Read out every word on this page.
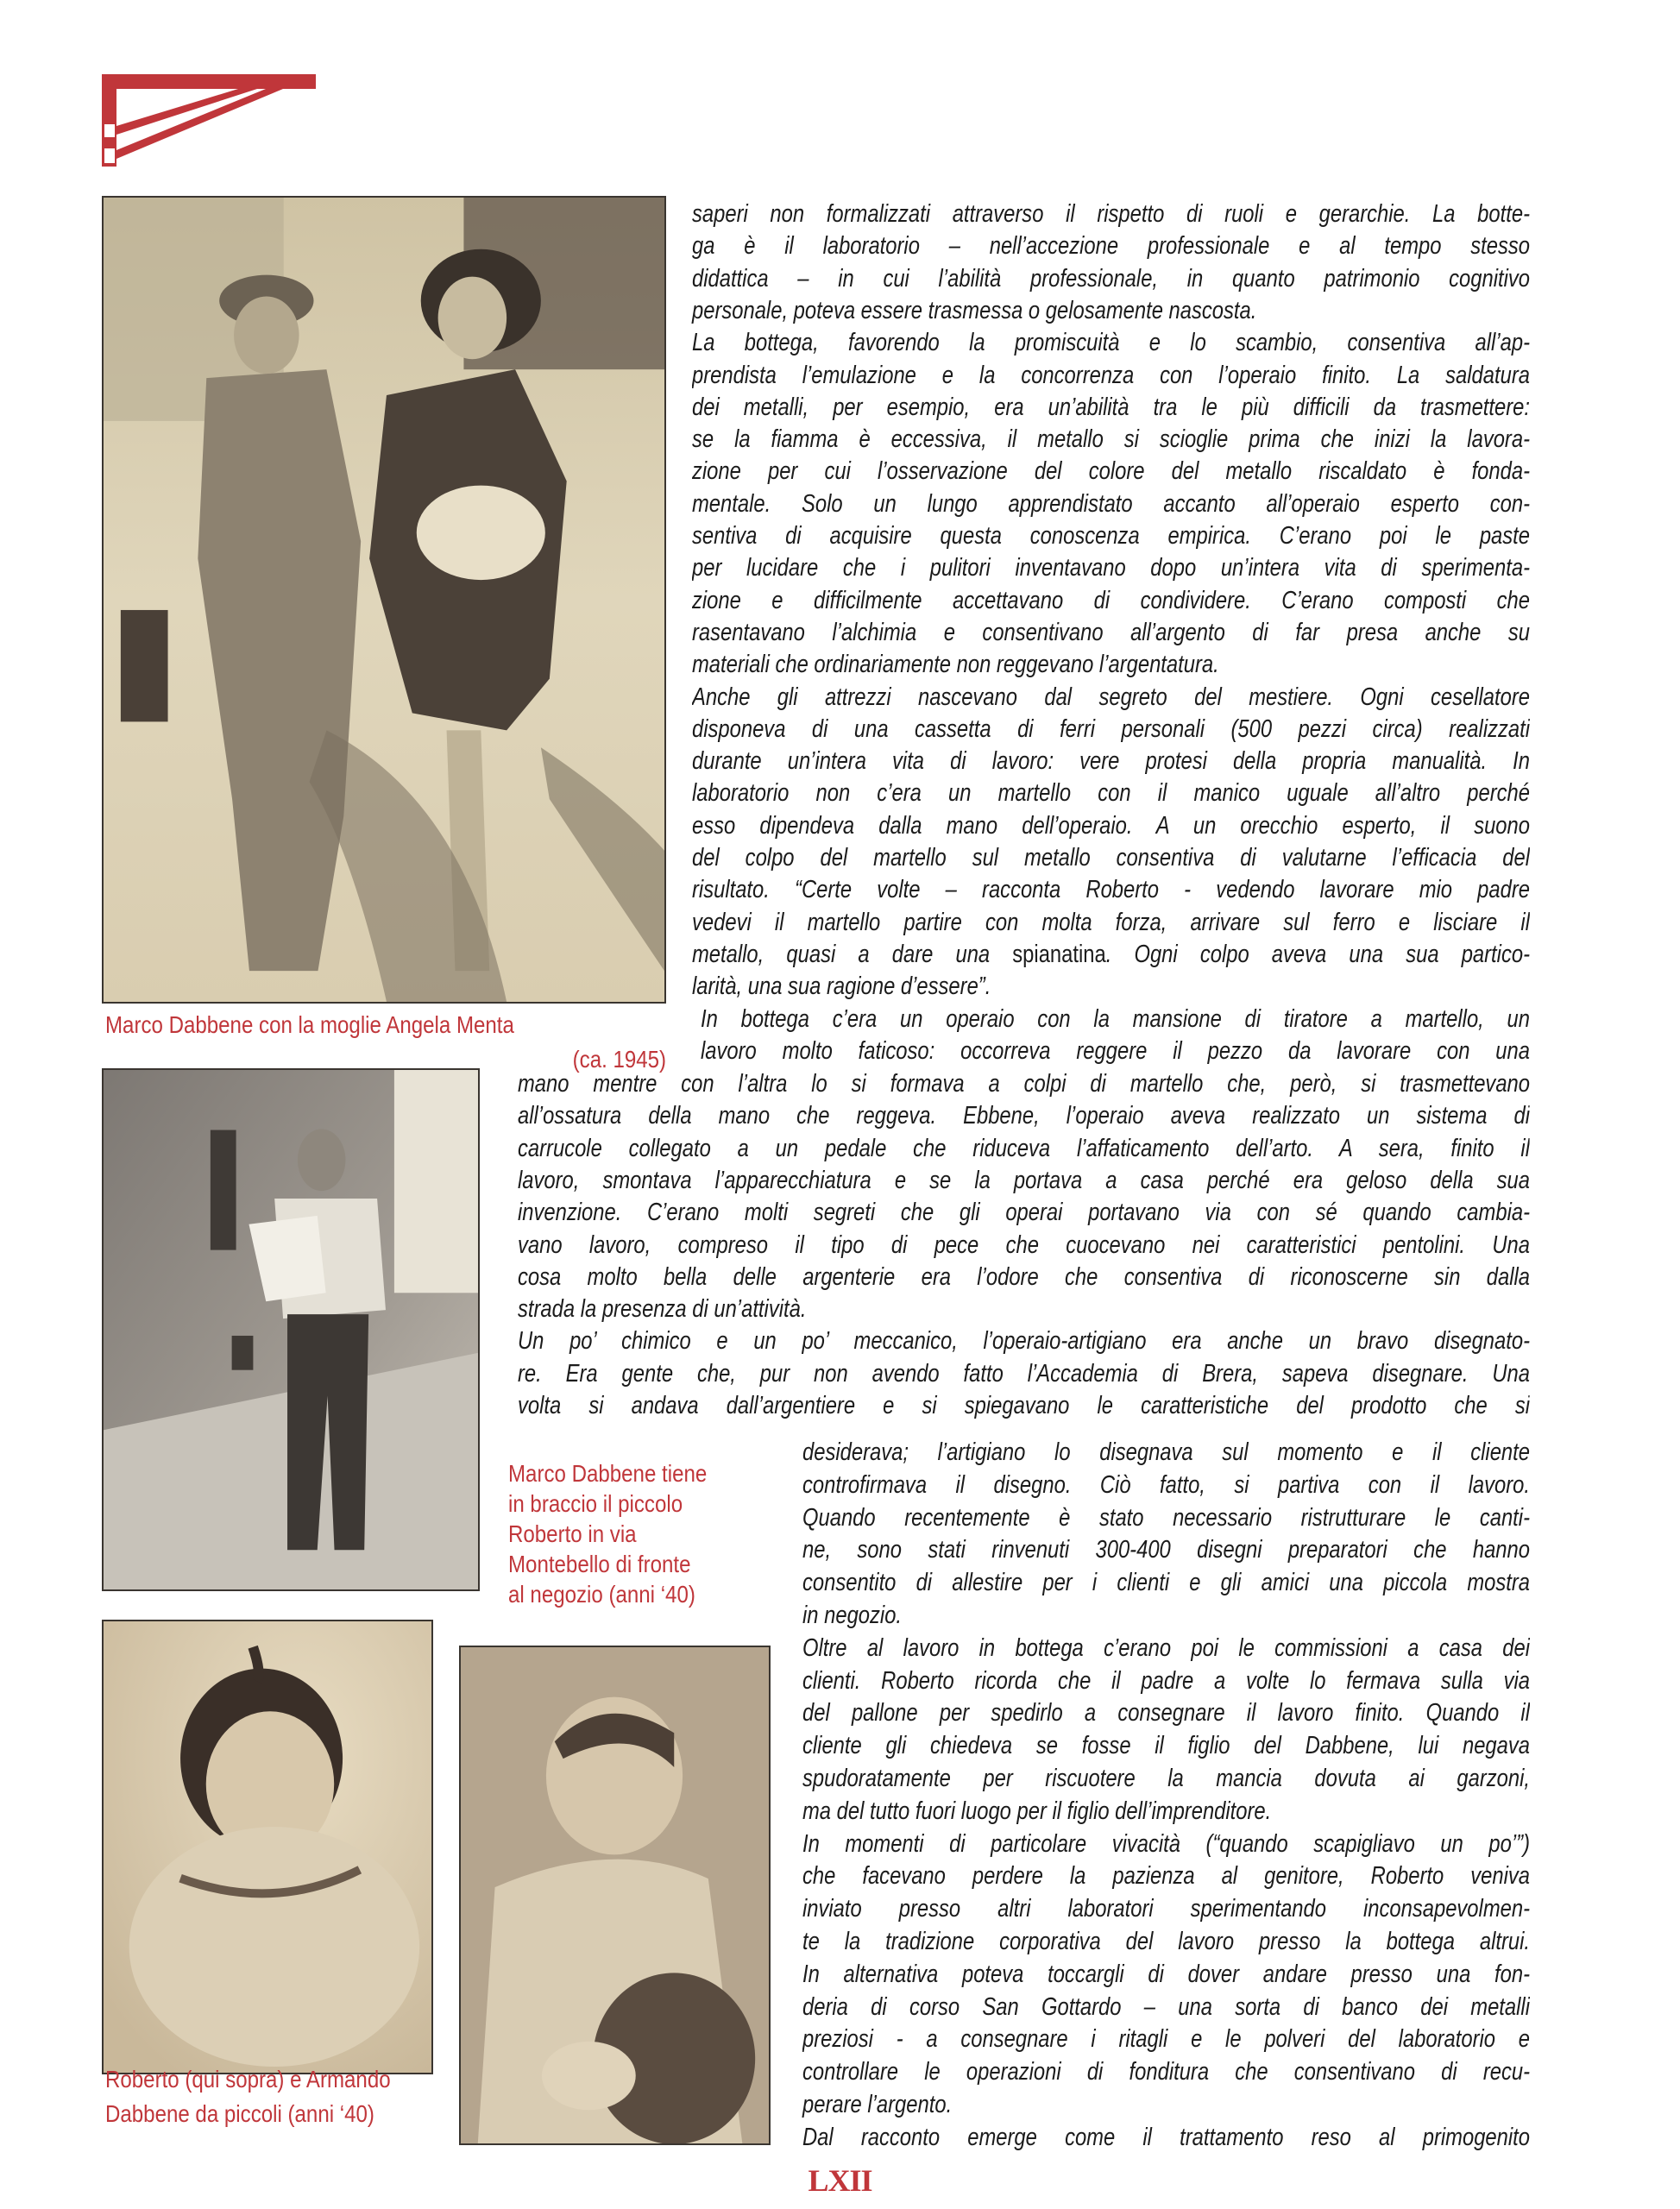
Marco Dabbene con la moglie Angela Menta
(ca. 1945)
Marco Dabbene tiene
in braccio il piccolo
Roberto in via
Montebello di fronte
al negozio (anni ‘40)
Roberto (qui sopra) e Armando
Dabbene da piccoli (anni ‘40)
saperi non formalizzati attraverso il rispetto di ruoli e gerarchie. La botte-
ga è il laboratorio – nell’accezione professionale e al tempo stesso
didattica – in cui l’abilità professionale, in quanto patrimonio cognitivo
personale, poteva essere trasmessa o gelosamente nascosta.
La bottega, favorendo la promiscuità e lo scambio, consentiva all’ap-
prendista l’emulazione e la concorrenza con l’operaio finito. La saldatura
dei metalli, per esempio, era un’abilità tra le più difficili da trasmettere:
se la fiamma è eccessiva, il metallo si scioglie prima che inizi la lavora-
zione per cui l’osservazione del colore del metallo riscaldato è fonda-
mentale. Solo un lungo apprendistato accanto all’operaio esperto con-
sentiva di acquisire questa conoscenza empirica. C’erano poi le paste
per lucidare che i pulitori inventavano dopo un’intera vita di sperimenta-
zione e difficilmente accettavano di condividere. C’erano composti che
rasentavano l’alchimia e consentivano all’argento di far presa anche su
materiali che ordinariamente non reggevano l’argentatura.
Anche gli attrezzi nascevano dal segreto del mestiere. Ogni cesellatore
disponeva di una cassetta di ferri personali (500 pezzi circa) realizzati
durante un’intera vita di lavoro: vere protesi della propria manualità. In
laboratorio non c’era un martello con il manico uguale all’altro perché
esso dipendeva dalla mano dell’operaio. A un orecchio esperto, il suono
del colpo del martello sul metallo consentiva di valutarne l’efficacia del
risultato. “Certe volte – racconta Roberto - vedendo lavorare mio padre
vedevi il martello partire con molta forza, arrivare sul ferro e lisciare il
metallo, quasi a dare una spianatina. Ogni colpo aveva una sua partico-
larità, una sua ragione d’essere”.
In bottega c’era un operaio con la mansione di tiratore a martello, un
lavoro molto faticoso: occorreva reggere il pezzo da lavorare con una
mano mentre con l’altra lo si formava a colpi di martello che, però, si trasmettevano
all’ossatura della mano che reggeva. Ebbene, l’operaio aveva realizzato un sistema di
carrucole collegato a un pedale che riduceva l’affaticamento dell’arto. A sera, finito il
lavoro, smontava l’apparecchiatura e se la portava a casa perché era geloso della sua
invenzione. C’erano molti segreti che gli operai portavano via con sé quando cambia-
vano lavoro, compreso il tipo di pece che cuocevano nei caratteristici pentolini. Una
cosa molto bella delle argenterie era l’odore che consentiva di riconoscerne sin dalla
strada la presenza di un’attività.
Un po’ chimico e un po’ meccanico, l’operaio-artigiano era anche un bravo disegnato-
re. Era gente che, pur non avendo fatto l’Accademia di Brera, sapeva disegnare. Una
volta si andava dall’argentiere e si spiegavano le caratteristiche del prodotto che si
desiderava; l’artigiano lo disegnava sul momento e il cliente
controfirmava il disegno. Ciò fatto, si partiva con il lavoro.
Quando recentemente è stato necessario ristrutturare le canti-
ne, sono stati rinvenuti 300-400 disegni preparatori che hanno
consentito di allestire per i clienti e gli amici una piccola mostra
in negozio.
Oltre al lavoro in bottega c’erano poi le commissioni a casa dei
clienti. Roberto ricorda che il padre a volte lo fermava sulla via
del pallone per spedirlo a consegnare il lavoro finito. Quando il
cliente gli chiedeva se fosse il figlio del Dabbene, lui negava
spudoratamente per riscuotere la mancia dovuta ai garzoni,
ma del tutto fuori luogo per il figlio dell’imprenditore.
In momenti di particolare vivacità (“quando scapigliavo un po’”)
che facevano perdere la pazienza al genitore, Roberto veniva
inviato presso altri laboratori sperimentando inconsapevolmen-
te la tradizione corporativa del lavoro presso la bottega altrui.
In alternativa poteva toccargli di dover andare presso una fon-
deria di corso San Gottardo – una sorta di banco dei metalli
preziosi - a consegnare i ritagli e le polveri del laboratorio e
controllare le operazioni di fonditura che consentivano di recu-
perare l’argento.
Dal racconto emerge come il trattamento reso al primogenito
LXII
